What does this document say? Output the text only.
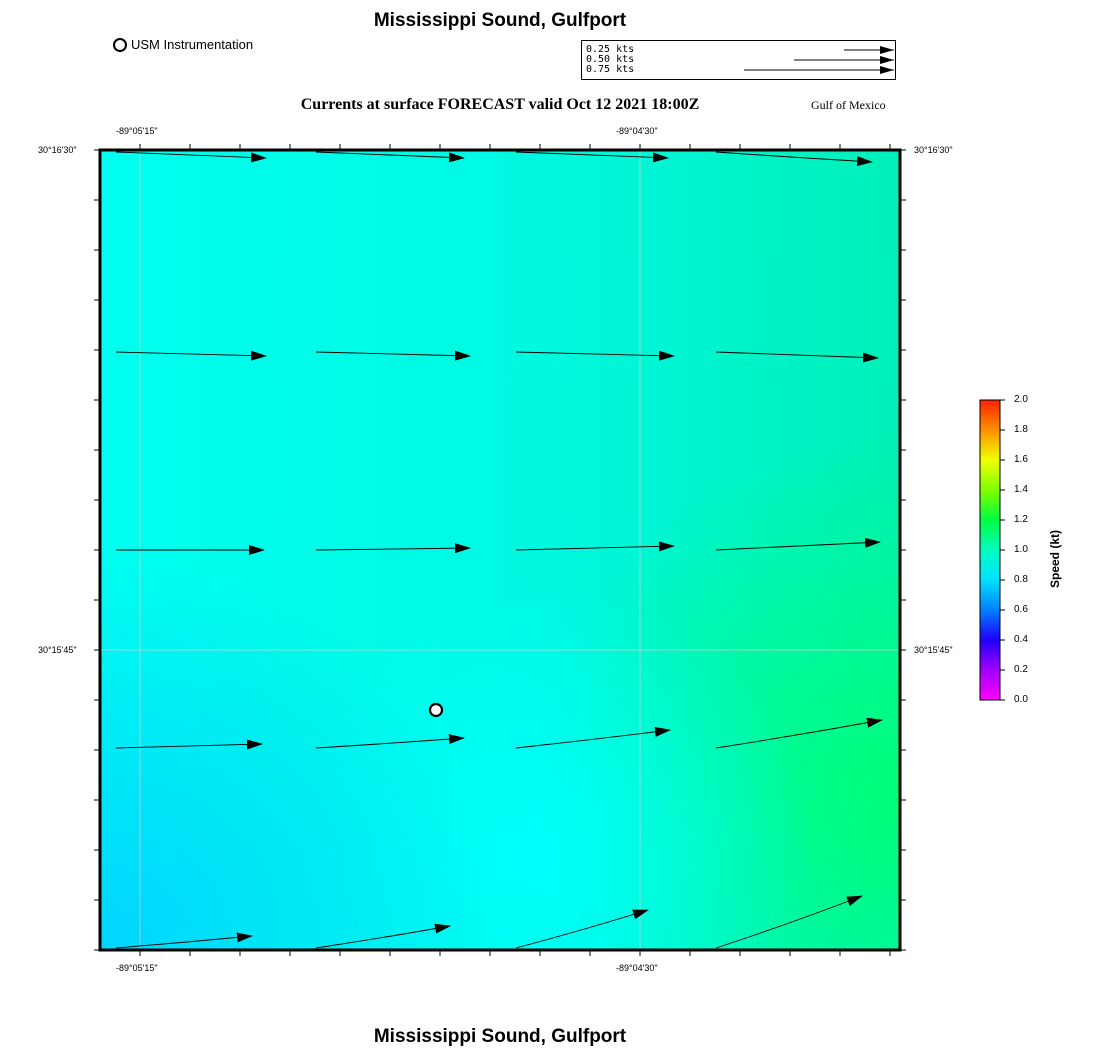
Mississippi Sound, Gulfport
USM Instrumentation	0.25 kts
0.50 kts
0.75 kts
Currents at surface FORECAST valid Oct 12 2021 18:00Z	Gulf of Mexico
-89°05'15"	-89°04'30"
-89°05'15"	-89°04'30"
30°16'30"
30°15'45"
30°16'30"
30°15'45"
0.0
0.2
0.4
0.6
0.8
1.0
1.2
1.4
1.6
1.8
2.0
Speed (kt)
Mississippi Sound, Gulfport
